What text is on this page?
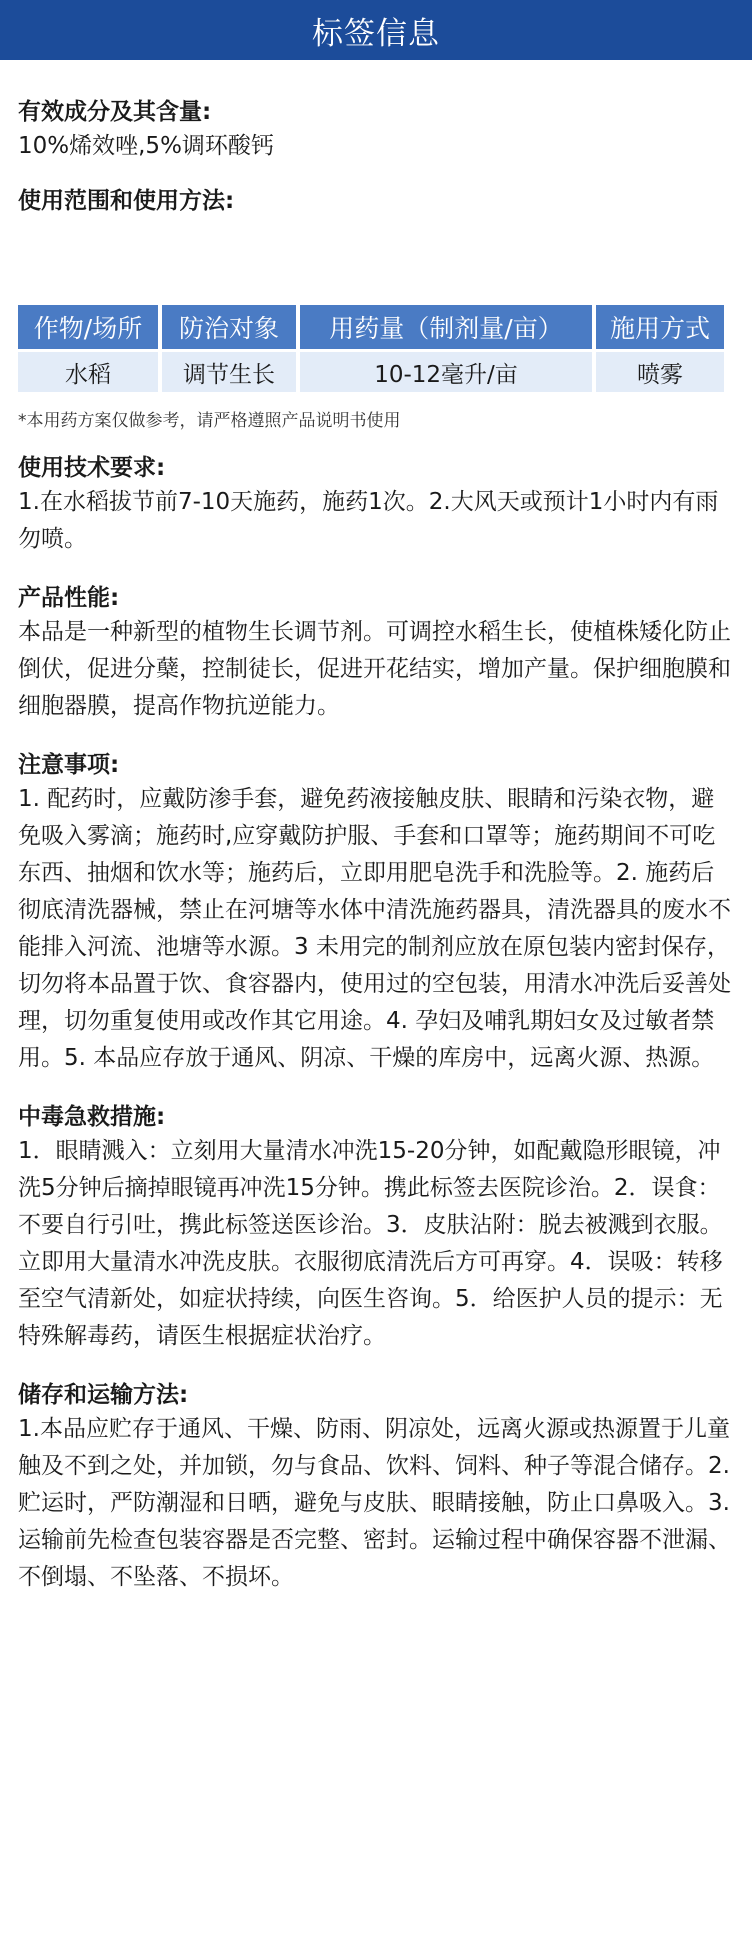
标签信息

有效成分及其含量:

10%烯效唑,5%调环酸钙

使用范围和使用方法:

作物/场所	防治对象	用药量（制剂量/亩）	施用方式
水稻	调节生长	10-12毫升/亩	喷雾
*本用药方案仅做参考，请严格遵照产品说明书使用

使用技术要求:

1.在水稻拔节前7-10天施药，施药1次。2.大风天或预计1小时内有雨勿喷。

产品性能:

本品是一种新型的植物生长调节剂。可调控水稻生长，使植株矮化防止倒伏，促进分蘖，控制徒长，促进开花结实，增加产量。保护细胞膜和细胞器膜，提高作物抗逆能力。

注意事项:

1. 配药时，应戴防渗手套，避免药液接触皮肤、眼睛和污染衣物，避免吸入雾滴；施药时,应穿戴防护服、手套和口罩等；施药期间不可吃东西、抽烟和饮水等；施药后，立即用肥皂洗手和洗脸等。2. 施药后彻底清洗器械，禁止在河塘等水体中清洗施药器具，清洗器具的废水不能排入河流、池塘等水源。3 未用完的制剂应放在原包装内密封保存，切勿将本品置于饮、食容器内，使用过的空包装，用清水冲洗后妥善处理，切勿重复使用或改作其它用途。4. 孕妇及哺乳期妇女及过敏者禁用。5. 本品应存放于通风、阴凉、干燥的库房中，远离火源、热源。

中毒急救措施:

1．眼睛溅入：立刻用大量清水冲洗15-20分钟，如配戴隐形眼镜，冲洗5分钟后摘掉眼镜再冲洗15分钟。携此标签去医院诊治。2．误食：不要自行引吐，携此标签送医诊治。3．皮肤沾附：脱去被溅到衣服。立即用大量清水冲洗皮肤。衣服彻底清洗后方可再穿。4．误吸：转移至空气清新处，如症状持续，向医生咨询。5．给医护人员的提示：无特殊解毒药，请医生根据症状治疗。

储存和运输方法:

1.本品应贮存于通风、干燥、防雨、阴凉处，远离火源或热源置于儿童触及不到之处，并加锁，勿与食品、饮料、饲料、种子等混合储存。2.贮运时，严防潮湿和日晒，避免与皮肤、眼睛接触，防止口鼻吸入。3.运输前先检查包装容器是否完整、密封。运输过程中确保容器不泄漏、不倒塌、不坠落、不损坏。
